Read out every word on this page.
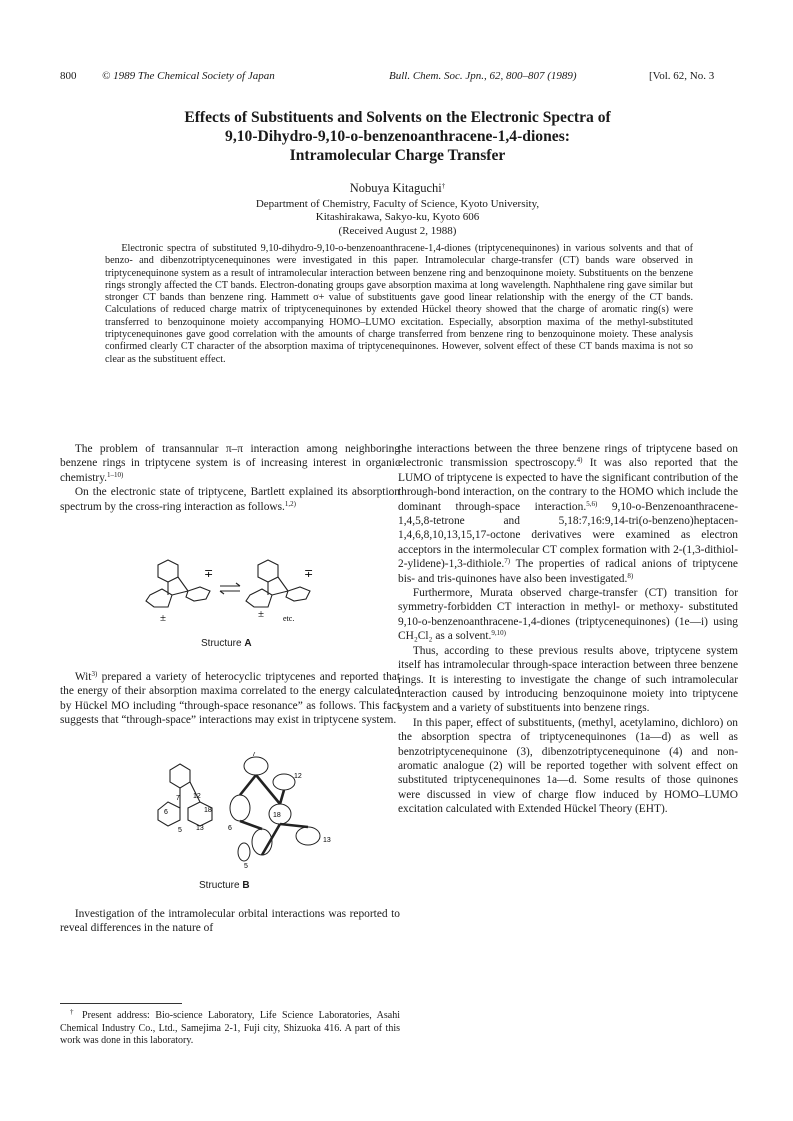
800 © 1989 The Chemical Society of Japan	Bull. Chem. Soc. Jpn., 62, 800–807 (1989)	[Vol. 62, No. 3
Effects of Substituents and Solvents on the Electronic Spectra of
9,10-Dihydro-9,10-o-benzenoanthracene-1,4-diones:
Intramolecular Charge Transfer
Nobuya Kitaguchi†
Department of Chemistry, Faculty of Science, Kyoto University,
Kitashirakawa, Sakyo-ku, Kyoto 606
(Received August 2, 1988)
Electronic spectra of substituted 9,10-dihydro-9,10-o-benzenoanthracene-1,4-diones (triptycenequinones) in various solvents and that of benzo- and dibenzotriptycenequinones were investigated in this paper. Intramolecular charge-transfer (CT) bands ware observed in triptycenequinone system as a result of intramolecular interaction between benzene ring and benzoquinone moiety. Substituents on the benzene rings strongly affected the CT bands. Electron-donating groups gave absorption maxima at long wavelength. Naphthalene ring gave similar but stronger CT bands than benzene ring. Hammett σ+ value of substituents gave good linear relationship with the energy of the CT bands. Calculations of reduced charge matrix of triptycenequinones by extended Hückel theory showed that the charge of aromatic ring(s) were transferred to benzoquinone moiety accompanying HOMO–LUMO excitation. Especially, absorption maxima of the methyl-substituted triptycenequinones gave good correlation with the amounts of charge transferred from benzene ring to benzoquinone moiety. These analysis confirmed clearly CT character of the absorption maxima of triptycenequinones. However, solvent effect of these CT bands maxima is not so clear as the substituent effect.

The problem of transannular π–π interaction among neighboring benzene rings in triptycene system is of increasing interest in organic chemistry.$^{1-10)}$

On the electronic state of triptycene, Bartlett explained its absorption spectrum by the cross-ring interaction as follows.$^{1,2)}$

∓	∓
±	± etc.
Structure A

Wit$^{3)}$ prepared a variety of heterocyclic triptycenes and reported that the energy of their absorption maxima correlated to the energy calculated by Hückel MO including “through-space resonance” as follows. This fact suggests that “through-space” interactions may exist in triptycene system.

7 12
18
6
13
5
7
12
18
6
13
5
Structure B

Investigation of the intramolecular orbital interactions was reported to reveal differences in the nature of

† Present address: Bio-science Laboratory, Life Science Laboratories, Asahi Chemical Industry Co., Ltd., Samejima 2-1, Fuji city, Shizuoka 416. A part of this work was done in this laboratory.

the interactions between the three benzene rings of triptycene based on electronic transmission spectroscopy.$^{4)}$ It was also reported that the LUMO of triptycene is expected to have the significant contribution of the through-bond interaction, on the contrary to the HOMO which include the dominant through-space interaction.$^{5,6)}$ 9,10-o-Benzenoanthracene-1,4,5,8-tetrone and 5,18:7,16:9,14-tri(o-benzeno)heptacen-1,4,6,8,10,13,15,17-octone derivatives were examined as electron acceptors in the intermolecular CT complex formation with 2-(1,3-dithiol-2-ylidene)-1,3-dithiole.$^{7)}$ The properties of radical anions of triptycene bis- and tris-quinones have also been investigated.$^{8)}$

Furthermore, Murata observed charge-transfer (CT) transition for symmetry-forbidden CT interaction in methyl- or methoxy- substituted 9,10-o-benzenoanthracene-1,4-diones (triptycenequinones) (1e—i) using CH₂Cl₂ as a solvent.$^{9,10)}$

Thus, according to these previous results above, triptycene system itself has intramolecular through-space interaction between three benzene rings. It is interesting to investigate the change of such intramolecular interaction caused by introducing benzoquinone moiety into triptycene system and a variety of substituents into benzene rings.

In this paper, effect of substituents, (methyl, acetylamino, dichloro) on the absorption spectra of triptycenequinones (1a—d) as well as benzotriptycenequinone (3), dibenzotriptycenequinone (4) and non-aromatic analogue (2) will be reported together with solvent effect on substituted triptycenequinones 1a—d. Some results of those quinones were discussed in view of charge flow induced by HOMO–LUMO excitation calculated with Extended Hückel Theory (EHT).
